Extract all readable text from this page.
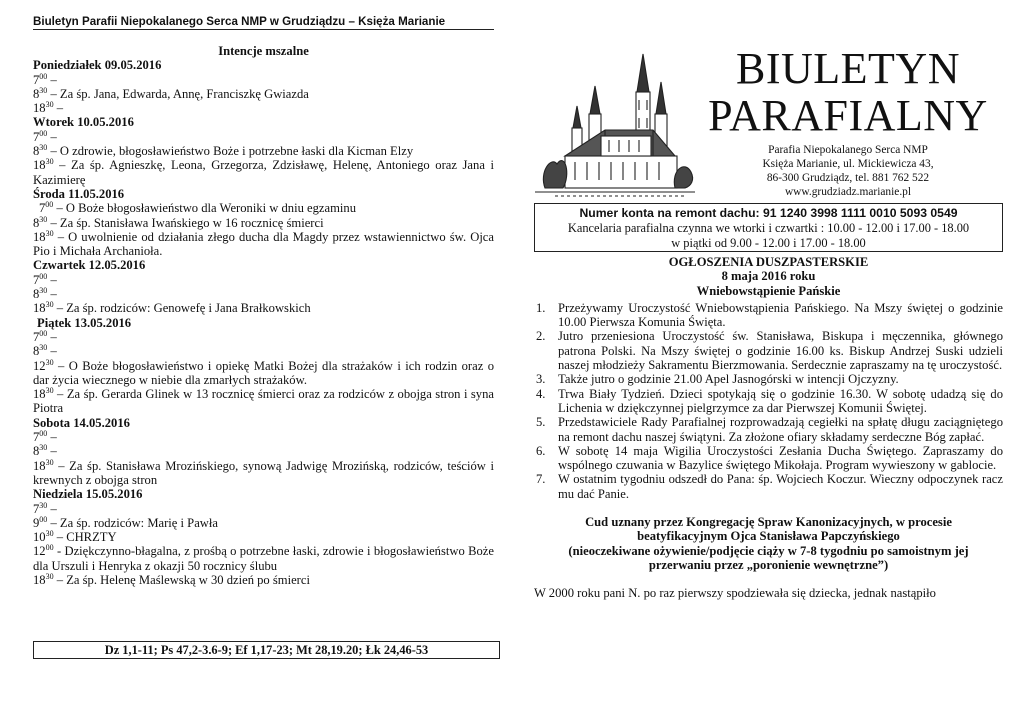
Biuletyn Parafii Niepokalanego Serca NMP w Grudziądzu – Księża Marianie
Intencje mszalne
Poniedziałek 09.05.2016
$7^{00}$ –
$8^{30}$ – Za śp. Jana, Edwarda, Annę, Franciszkę Gwiazda
$18^{30}$ –
Wtorek 10.05.2016
$7^{00}$ –
$8^{30}$ – O zdrowie, błogosławieństwo Boże i potrzebne łaski dla Kicman Elzy
$18^{30}$ – Za śp. Agnieszkę, Leona, Grzegorza, Zdzisławę, Helenę, Antoniego oraz Jana i Kazimierę
Środa 11.05.2016
$7^{00}$ – O Boże błogosławieństwo dla Weroniki w dniu egzaminu
$8^{30}$ – Za śp. Stanisława Iwańskiego w 16 rocznicę śmierci
$18^{30}$ – O uwolnienie od działania złego ducha dla Magdy przez wstawiennictwo św. Ojca Pio i Michała Archanioła.
Czwartek 12.05.2016
$7^{00}$ –
$8^{30}$ –
$18^{30}$ – Za śp. rodziców: Genowefę i Jana Brałkowskich
Piątek 13.05.2016
$7^{00}$ –
$8^{30}$ –
$12^{30}$ – O Boże błogosławieństwo i opiekę Matki Bożej dla strażaków i ich rodzin oraz o dar życia wiecznego w niebie dla zmarłych strażaków.
$18^{30}$ – Za śp. Gerarda Glinek w 13 rocznicę śmierci oraz za rodziców z obojga stron i syna Piotra
Sobota 14.05.2016
$7^{00}$ –
$8^{30}$ –
$18^{30}$ – Za śp. Stanisława Mrozińskiego, synową Jadwigę Mrozińską, rodziców, teściów i krewnych z obojga stron
Niedziela 15.05.2016
$7^{30}$ –
$9^{00}$ – Za śp. rodziców: Marię i Pawła
$10^{30}$ – CHRZTY
$12^{00}$ - Dziękczynno-błagalna, z prośbą o potrzebne łaski, zdrowie i błogosławieństwo Boże dla Urszuli i Henryka z okazji 50 rocznicy ślubu
$18^{30}$ – Za śp. Helenę Maślewską w 30 dzień po śmierci
Dz 1,1-11; Ps 47,2-3.6-9; Ef 1,17-23; Mt 28,19.20; Łk 24,46-53
BIULETYN
PARAFIALNY
Parafia Niepokalanego Serca NMP
Księża Marianie, ul. Mickiewicza 43,
86-300 Grudziądz, tel. 881 762 522
www.grudziadz.marianie.pl
Numer konta na remont dachu: 91 1240 3998 1111 0010 5093 0549
Kancelaria parafialna czynna we wtorki i czwartki : 10.00 - 12.00 i 17.00 - 18.00
w piątki od 9.00 - 12.00 i 17.00 - 18.00
OGŁOSZENIA DUSZPASTERSKIE
8 maja 2016 roku
Wniebowstąpienie Pańskie
1. Przeżywamy Uroczystość Wniebowstąpienia Pańskiego. Na Mszy świętej o godzinie 10.00 Pierwsza Komunia Święta.
2. Jutro przeniesiona Uroczystość św. Stanisława, Biskupa i męczennika, głównego patrona Polski. Na Mszy świętej o godzinie 16.00 ks. Biskup Andrzej Suski udzieli naszej młodzieży Sakramentu Bierzmowania. Serdecznie zapraszamy na tę uroczystość.
3. Także jutro o godzinie 21.00 Apel Jasnogórski w intencji Ojczyzny.
4. Trwa Biały Tydzień. Dzieci spotykają się o godzinie 16.30. W sobotę udadzą się do Lichenia w dziękczynnej pielgrzymce za dar Pierwszej Komunii Świętej.
5. Przedstawiciele Rady Parafialnej rozprowadzają cegiełki na spłatę długu zaciągniętego na remont dachu naszej świątyni. Za złożone ofiary składamy serdeczne Bóg zapłać.
6. W sobotę 14 maja Wigilia Uroczystości Zesłania Ducha Świętego. Zapraszamy do wspólnego czuwania w Bazylice świętego Mikołaja. Program wywieszony w gablocie.
7. W ostatnim tygodniu odszedł do Pana: śp. Wojciech Koczur. Wieczny odpoczynek racz mu dać Panie.
Cud uznany przez Kongregację Spraw Kanonizacyjnych, w procesie
beatyfikacyjnym Ojca Stanisława Papczyńskiego
(nieoczekiwane ożywienie/podjęcie ciąży w 7-8 tygodniu po samoistnym jej
przerwaniu przez „poronienie wewnętrzne”)
W 2000 roku pani N. po raz pierwszy spodziewała się dziecka, jednak nastąpiło
